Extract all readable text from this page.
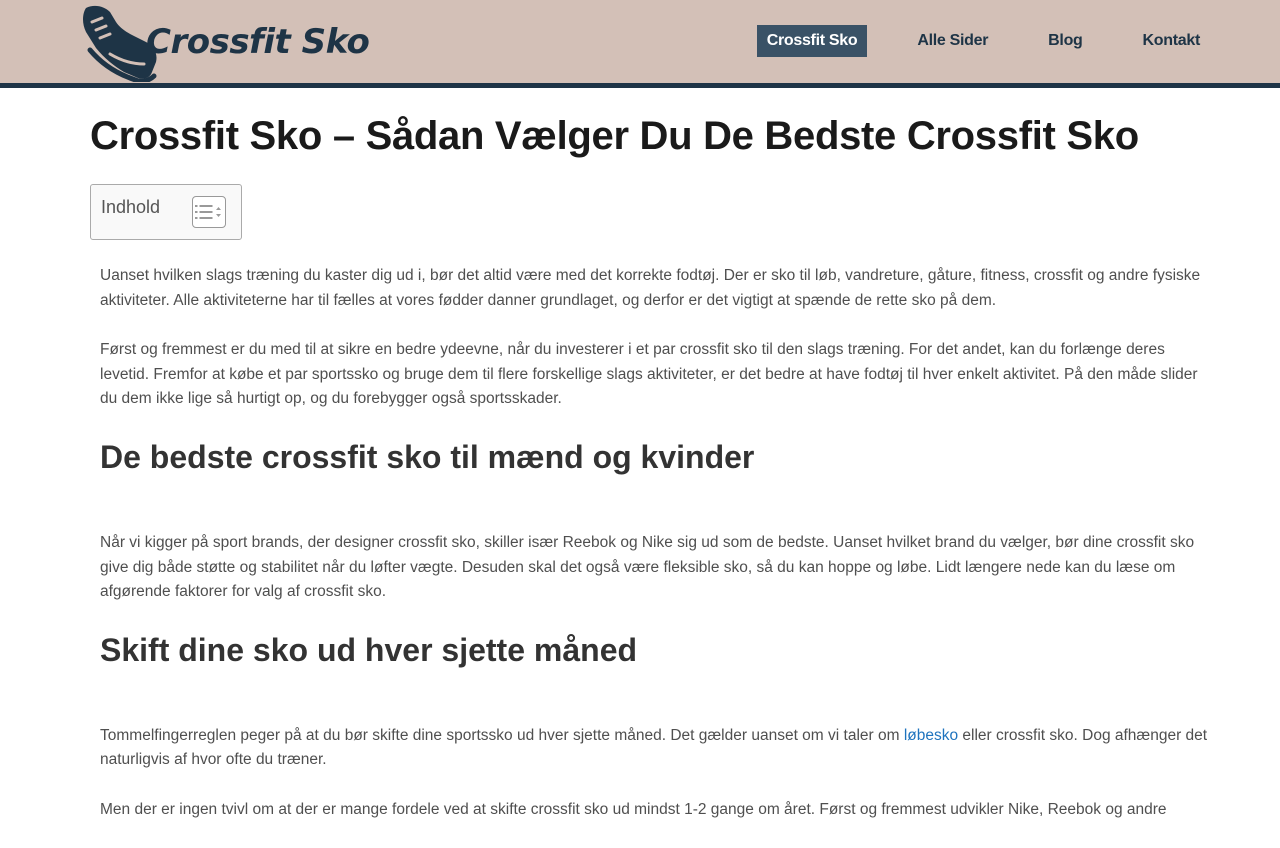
Crossfit Sko	Crossfit Sko	Alle Sider	Blog	Kontakt
Crossfit Sko – Sådan Vælger Du De Bedste Crossfit Sko
Indhold

Uanset hvilken slags træning du kaster dig ud i, bør det altid være med det korrekte fodtøj. Der er sko til løb, vandreture, gåture, fitness, crossfit og andre fysiske aktiviteter. Alle aktiviteterne har til fælles at vores fødder danner grundlaget, og derfor er det vigtigt at spænde de rette sko på dem.

Først og fremmest er du med til at sikre en bedre ydeevne, når du investerer i et par crossfit sko til den slags træning. For det andet, kan du forlænge deres levetid. Fremfor at købe et par sportssko og bruge dem til flere forskellige slags aktiviteter, er det bedre at have fodtøj til hver enkelt aktivitet. På den måde slider du dem ikke lige så hurtigt op, og du forebygger også sportsskader.

De bedste crossfit sko til mænd og kvinder

Når vi kigger på sport brands, der designer crossfit sko, skiller især Reebok og Nike sig ud som de bedste. Uanset hvilket brand du vælger, bør dine crossfit sko give dig både støtte og stabilitet når du løfter vægte. Desuden skal det også være fleksible sko, så du kan hoppe og løbe. Lidt længere nede kan du læse om afgørende faktorer for valg af crossfit sko.

Skift dine sko ud hver sjette måned

Tommelfingerreglen peger på at du bør skifte dine sportssko ud hver sjette måned. Det gælder uanset om vi taler om løbesko eller crossfit sko. Dog afhænger det naturligvis af hvor ofte du træner.

Men der er ingen tvivl om at der er mange fordele ved at skifte crossfit sko ud mindst 1-2 gange om året. Først og fremmest udvikler Nike, Reebok og andre
